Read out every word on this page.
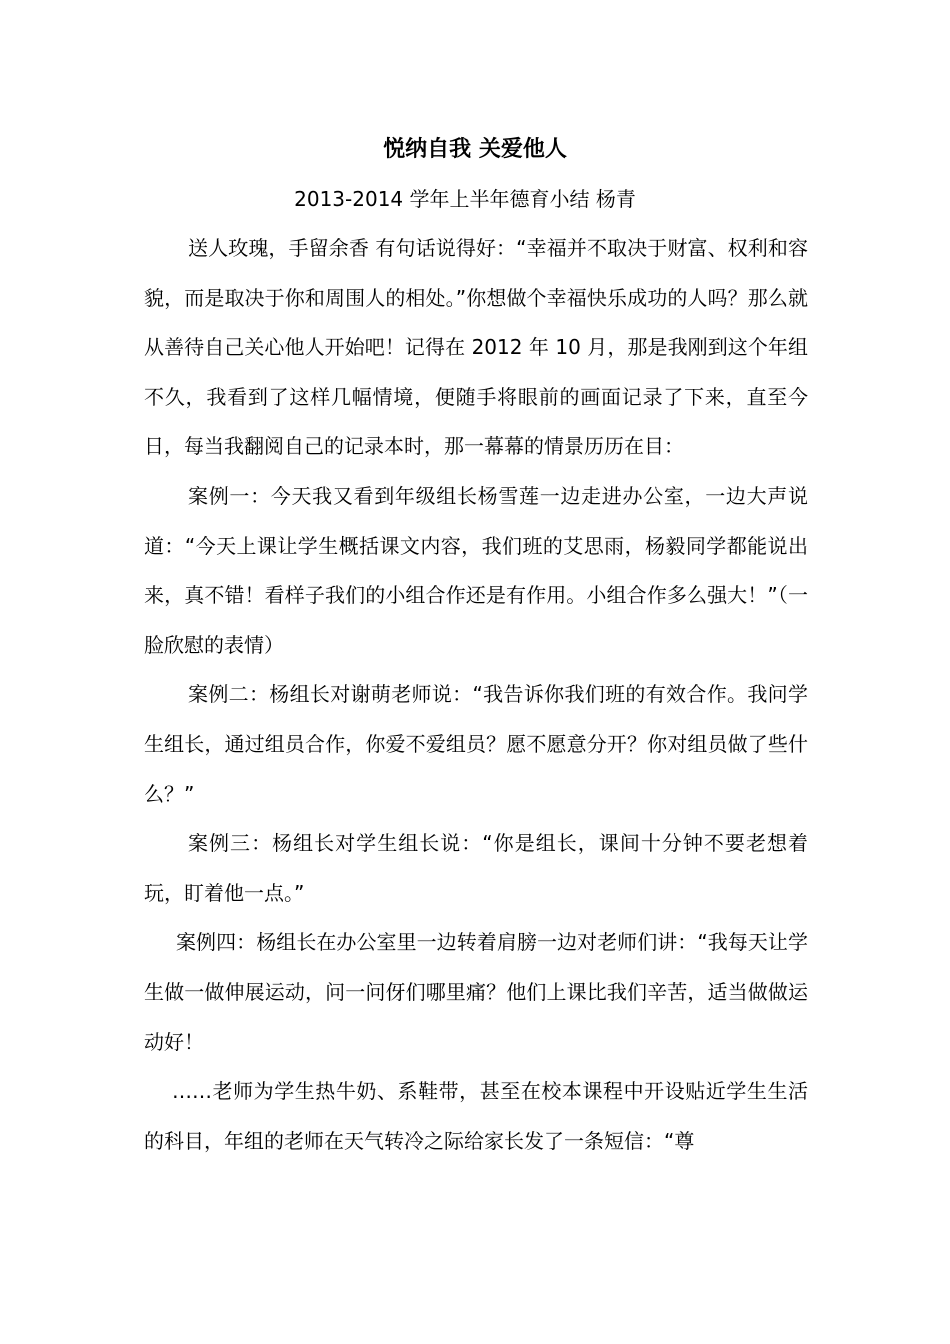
悦纳自我 关爱他人
2013-2014 学年上半年德育小结 杨青

送人玫瑰，手留余香 有句话说得好：“幸福并不取决于财富、权利和容貌，而是取决于你和周围人的相处。”你想做个幸福快乐成功的人吗？那么就从善待自己关心他人开始吧！记得在 2012 年 10 月，那是我刚到这个年组不久，我看到了这样几幅情境，便随手将眼前的画面记录了下来，直至今日，每当我翻阅自己的记录本时，那一幕幕的情景历历在目：

案例一：今天我又看到年级组长杨雪莲一边走进办公室，一边大声说道：“今天上课让学生概括课文内容，我们班的艾思雨，杨毅同学都能说出来，真不错！看样子我们的小组合作还是有作用。小组合作多么强大！”（一脸欣慰的表情）

案例二：杨组长对谢萌老师说：“我告诉你我们班的有效合作。我问学生组长，通过组员合作，你爱不爱组员？愿不愿意分开？你对组员做了些什么？”

案例三：杨组长对学生组长说：“你是组长，课间十分钟不要老想着玩，盯着他一点。”

案例四：杨组长在办公室里一边转着肩膀一边对老师们讲：“我每天让学生做一做伸展运动，问一问伢们哪里痛？他们上课比我们辛苦，适当做做运动好！

……老师为学生热牛奶、系鞋带，甚至在校本课程中开设贴近学生生活的科目，年组的老师在天气转冷之际给家长发了一条短信：“尊
